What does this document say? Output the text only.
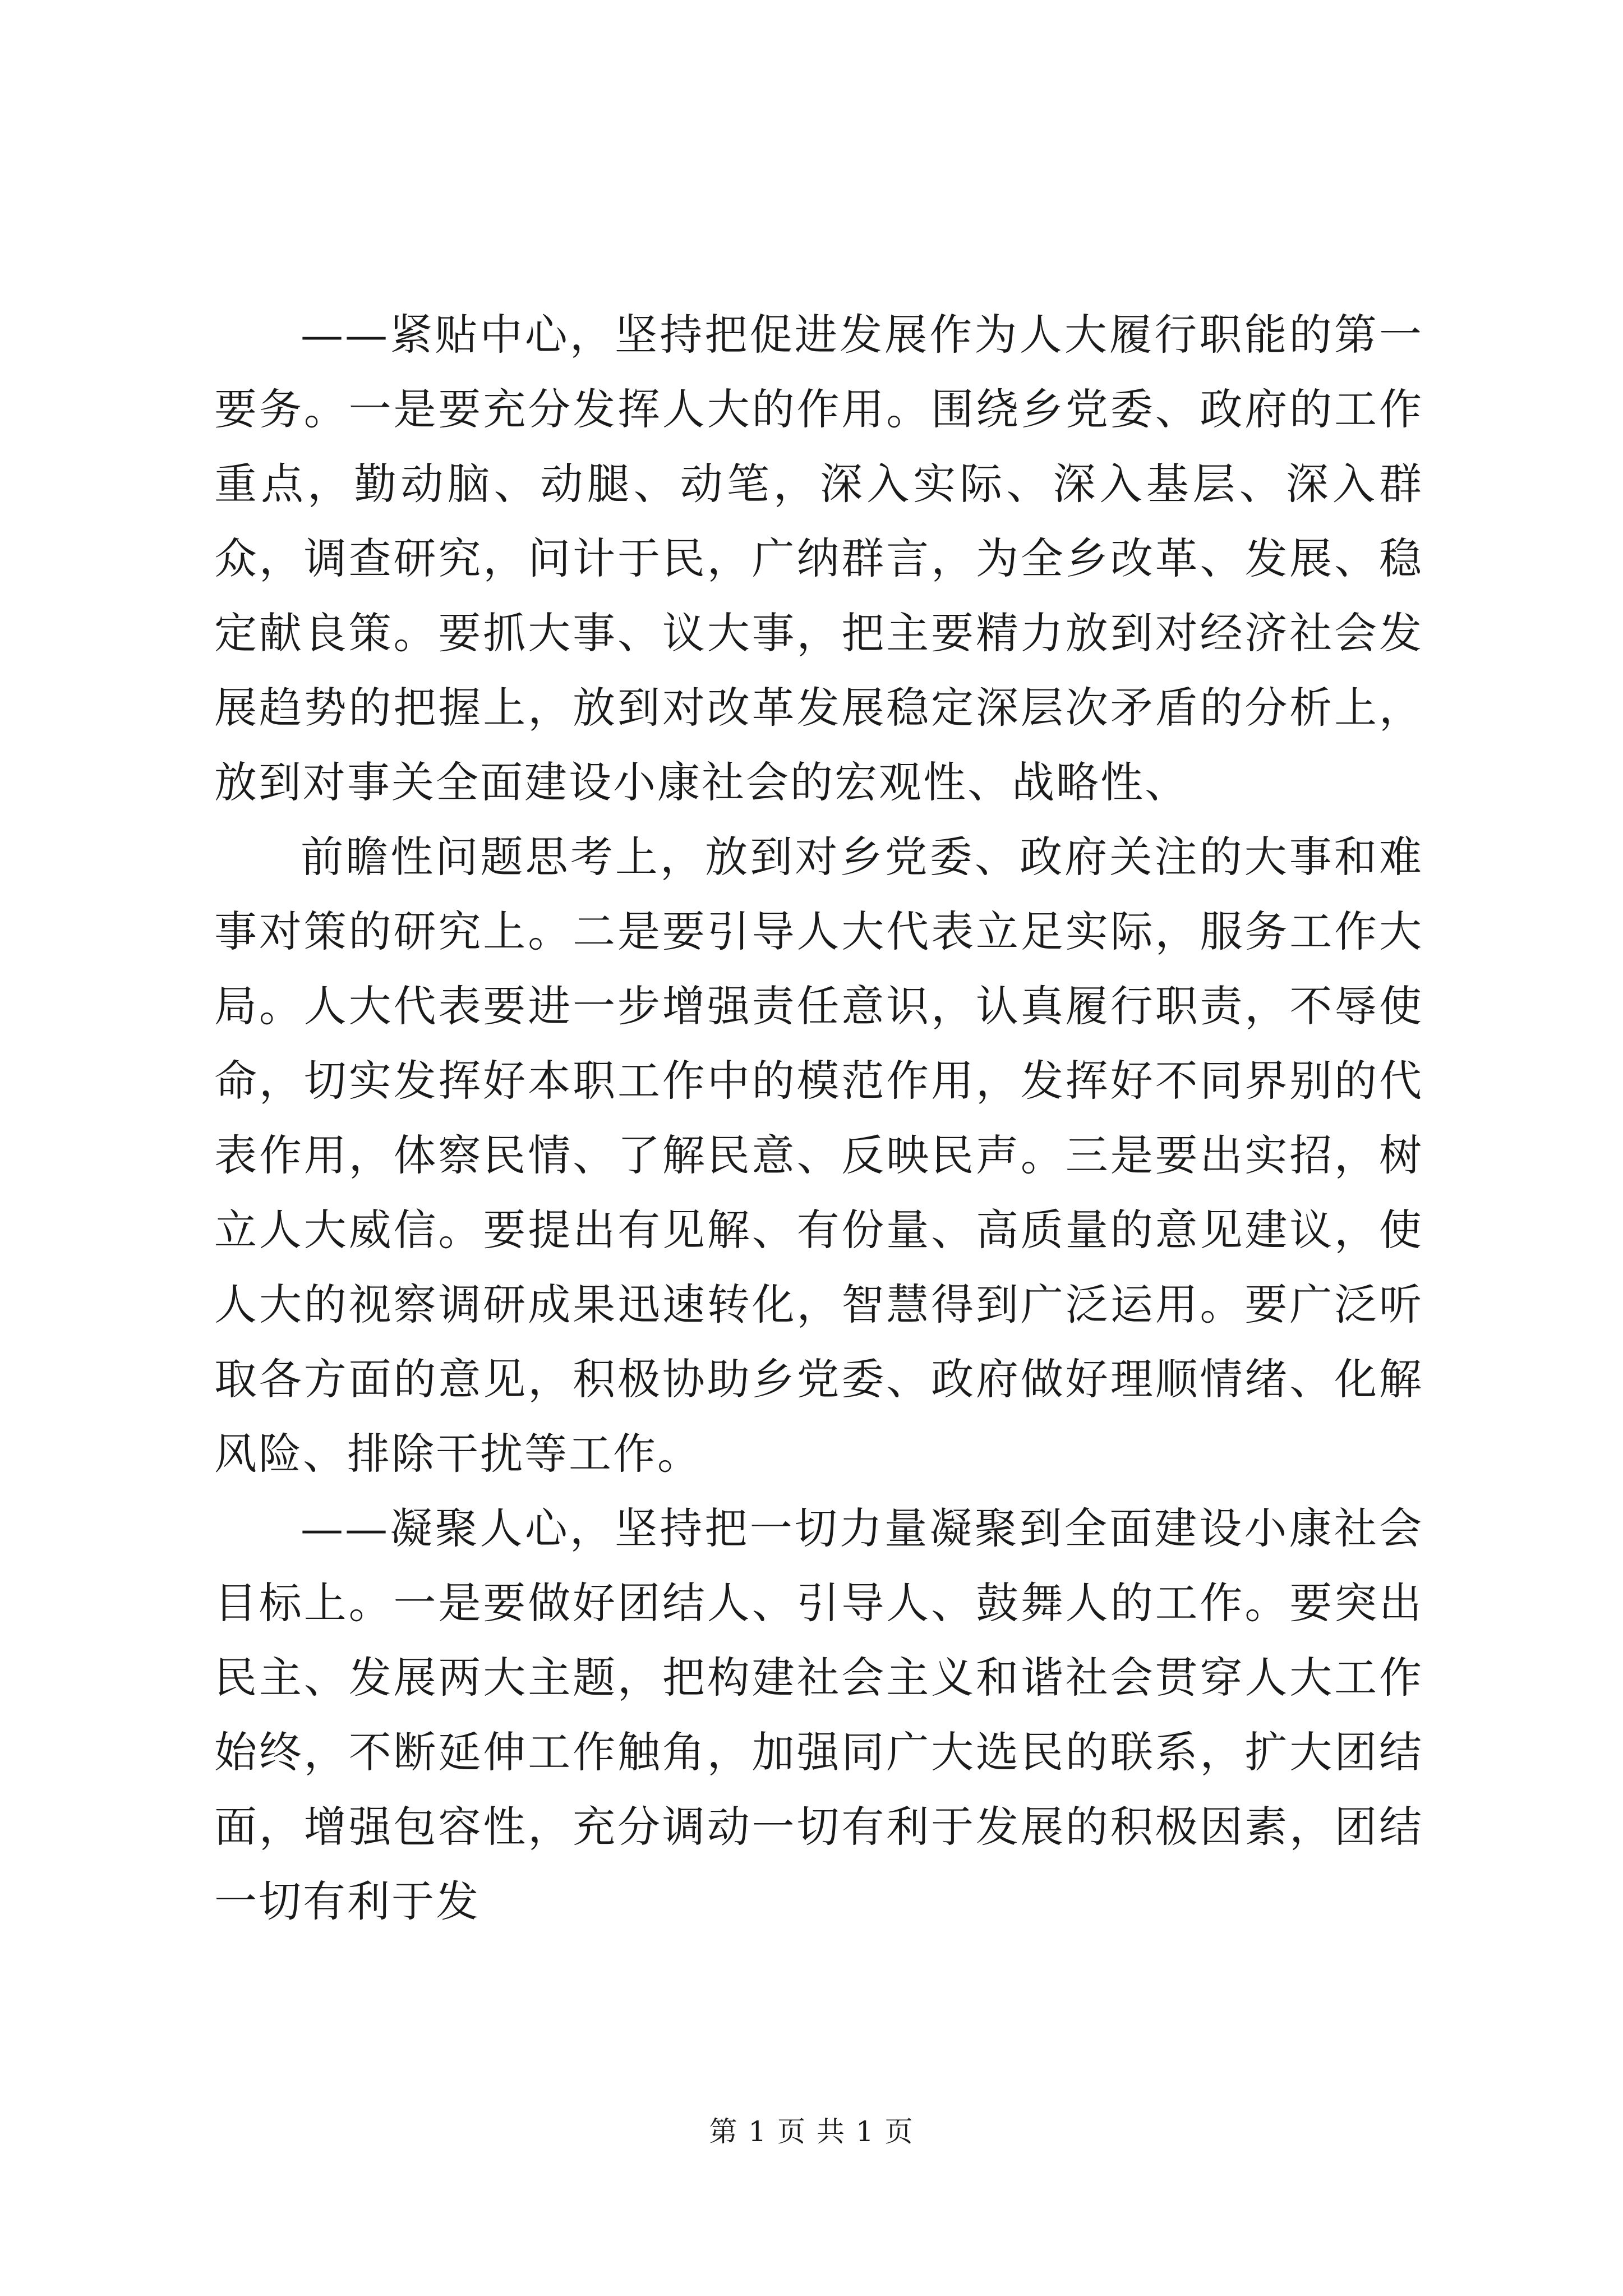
——紧贴中心，坚持把促进发展作为人大履行职能的第一要务。一是要充分发挥人大的作用。围绕乡党委、政府的工作重点，勤动脑、动腿、动笔，深入实际、深入基层、深入群众，调查研究，问计于民，广纳群言，为全乡改革、发展、稳定献良策。要抓大事、议大事，把主要精力放到对经济社会发展趋势的把握上，放到对改革发展稳定深层次矛盾的分析上，放到对事关全面建设小康社会的宏观性、战略性、

前瞻性问题思考上，放到对乡党委、政府关注的大事和难事对策的研究上。二是要引导人大代表立足实际，服务工作大局。人大代表要进一步增强责任意识，认真履行职责，不辱使命，切实发挥好本职工作中的模范作用，发挥好不同界别的代表作用，体察民情、了解民意、反映民声。三是要出实招，树立人大威信。要提出有见解、有份量、高质量的意见建议，使人大的视察调研成果迅速转化，智慧得到广泛运用。要广泛听取各方面的意见，积极协助乡党委、政府做好理顺情绪、化解风险、排除干扰等工作。

——凝聚人心，坚持把一切力量凝聚到全面建设小康社会目标上。一是要做好团结人、引导人、鼓舞人的工作。要突出民主、发展两大主题，把构建社会主义和谐社会贯穿人大工作始终，不断延伸工作触角，加强同广大选民的联系，扩大团结面，增强包容性，充分调动一切有利于发展的积极因素，团结一切有利于发

第 1 页 共 1 页
